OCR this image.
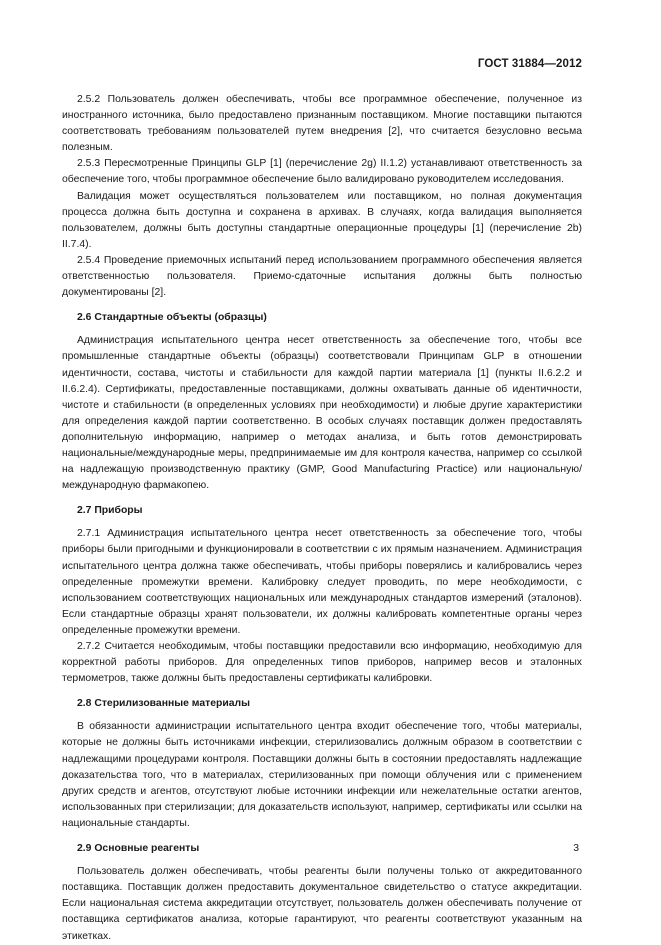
ГОСТ 31884—2012

2.5.2 Пользователь должен обеспечивать, чтобы все программное обеспечение, полученное из иностранного источника, было предоставлено признанным поставщиком. Многие поставщики пытаются соответствовать требованиям пользователей путем внедрения [2], что считается безусловно весьма полезным.

2.5.3 Пересмотренные Принципы GLP [1] (перечисление 2g) II.1.2) устанавливают ответственность за обеспечение того, чтобы программное обеспечение было валидировано руководителем исследования.

Валидация может осуществляться пользователем или поставщиком, но полная документация процесса должна быть доступна и сохранена в архивах. В случаях, когда валидация выполняется пользователем, должны быть доступны стандартные операционные процедуры [1] (перечисление 2b) II.7.4).

2.5.4 Проведение приемочных испытаний перед использованием программного обеспечения является ответственностью пользователя. Приемо-сдаточные испытания должны быть полностью документированы [2].

2.6 Стандартные объекты (образцы)

Администрация испытательного центра несет ответственность за обеспечение того, чтобы все промышленные стандартные объекты (образцы) соответствовали Принципам GLP в отношении идентичности, состава, чистоты и стабильности для каждой партии материала [1] (пункты II.6.2.2 и II.6.2.4). Сертификаты, предоставленные поставщиками, должны охватывать данные об идентичности, чистоте и стабильности (в определенных условиях при необходимости) и любые другие характеристики для определения каждой партии соответственно. В особых случаях поставщик должен предоставлять дополнительную информацию, например о методах анализа, и быть готов демонстрировать национальные/международные меры, предпринимаемые им для контроля качества, например со ссылкой на надлежащую производственную практику (GMP, Good Manufacturing Practice) или национальную/международную фармакопею.

2.7 Приборы

2.7.1 Администрация испытательного центра несет ответственность за обеспечение того, чтобы приборы были пригодными и функционировали в соответствии с их прямым назначением. Администрация испытательного центра должна также обеспечивать, чтобы приборы поверялись и калибровались через определенные промежутки времени. Калибровку следует проводить, по мере необходимости, с использованием соответствующих национальных или международных стандартов измерений (эталонов). Если стандартные образцы хранят пользователи, их должны калибровать компетентные органы через определенные промежутки времени.

2.7.2 Считается необходимым, чтобы поставщики предоставили всю информацию, необходимую для корректной работы приборов. Для определенных типов приборов, например весов и эталонных термометров, также должны быть предоставлены сертификаты калибровки.

2.8 Стерилизованные материалы

В обязанности администрации испытательного центра входит обеспечение того, чтобы материалы, которые не должны быть источниками инфекции, стерилизовались должным образом в соответствии с надлежащими процедурами контроля. Поставщики должны быть в состоянии предоставлять надлежащие доказательства того, что в материалах, стерилизованных при помощи облучения или с применением других средств и агентов, отсутствуют любые источники инфекции или нежелательные остатки агентов, использованных при стерилизации; для доказательств используют, например, сертификаты или ссылки на национальные стандарты.

2.9 Основные реагенты

Пользователь должен обеспечивать, чтобы реагенты были получены только от аккредитованного поставщика. Поставщик должен предоставить документальное свидетельство о статусе аккредитации. Если национальная система аккредитации отсутствует, пользователь должен обеспечивать получение от поставщика сертификатов анализа, которые гарантируют, что реагенты соответствуют указанным на этикетках.

3
